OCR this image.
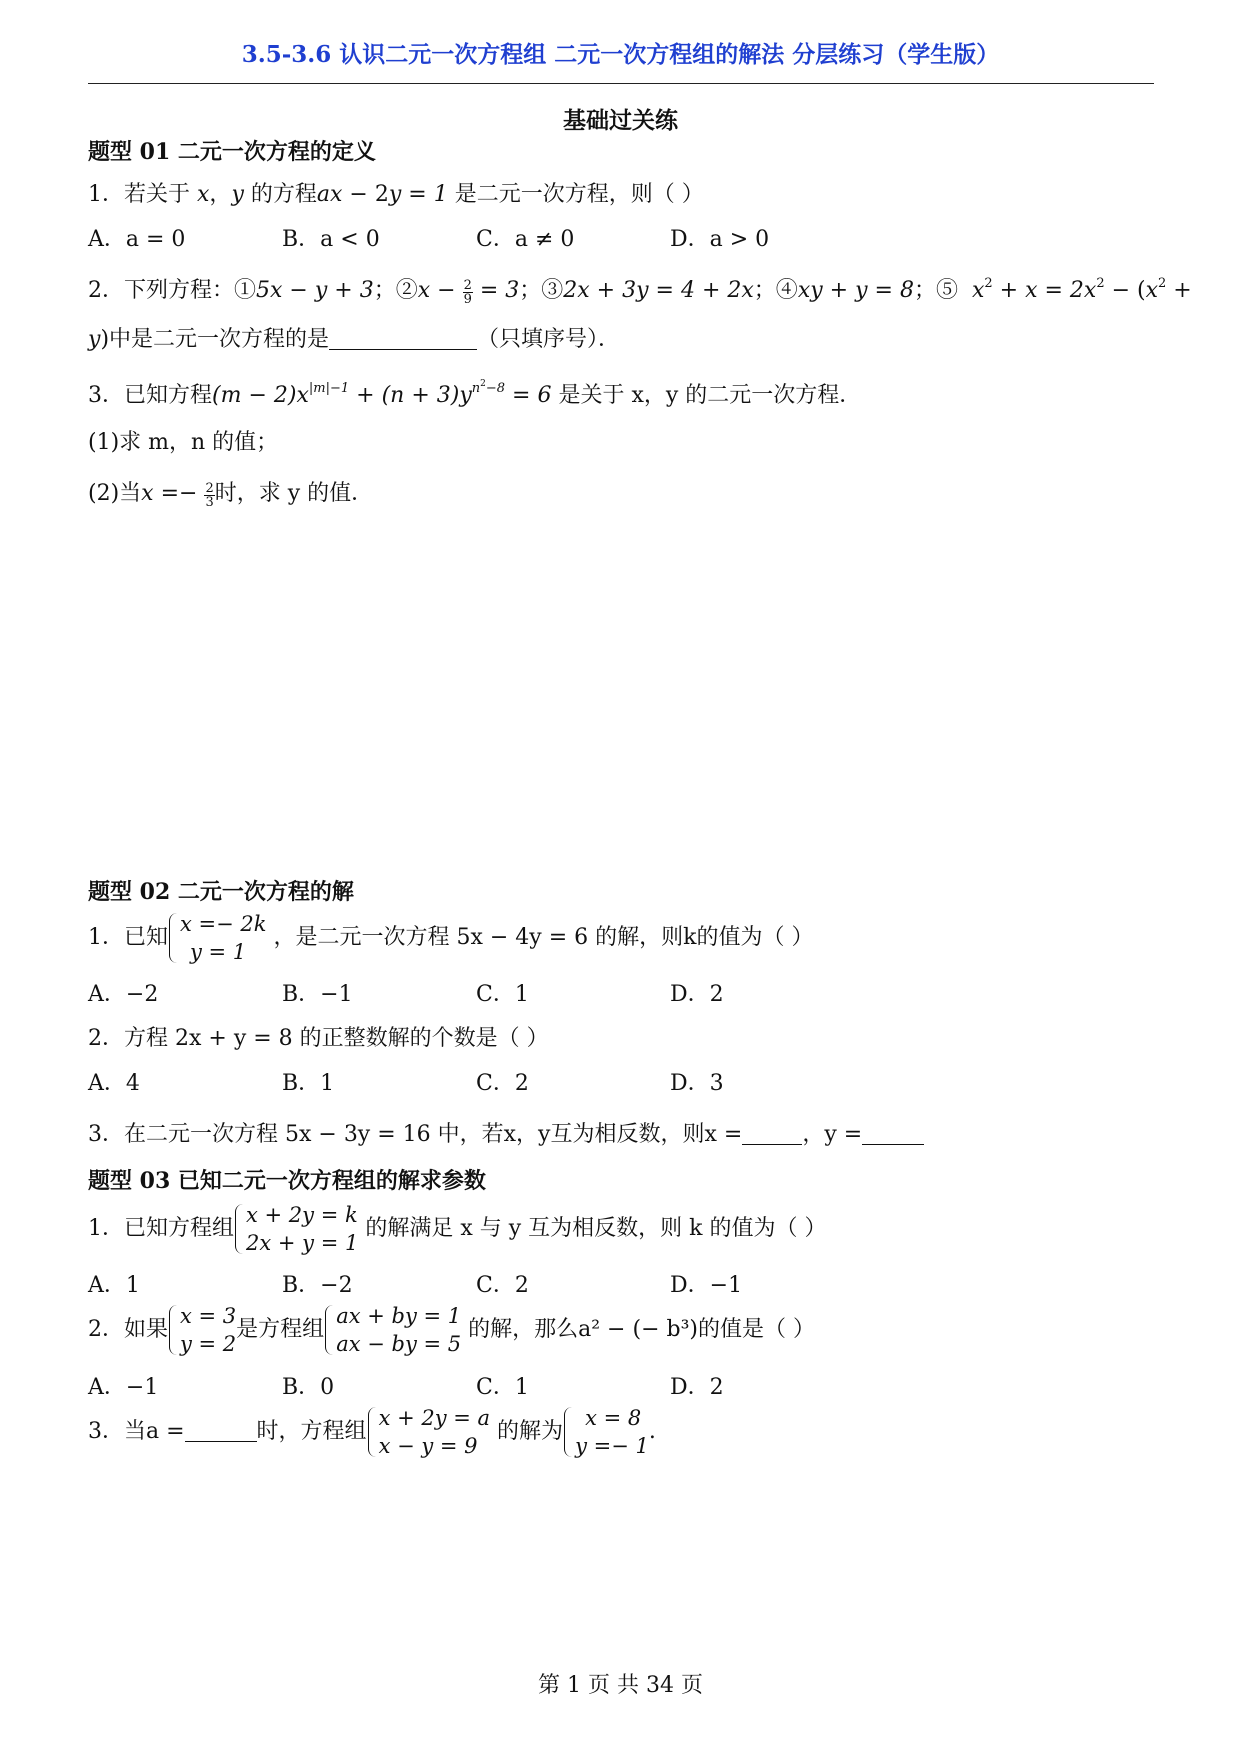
3.5-3.6 认识二元一次方程组 二元一次方程组的解法 分层练习（学生版）
基础过关练
题型 01 二元一次方程的定义
1．若关于 x，y 的方程ax − 2y = 1 是二元一次方程，则（ ）
A．a = 0	B．a < 0	C．a ≠ 0	D．a > 0
2．下列方程：①5x − y + 3；②x − $\frac{2}{9} = 3$；③2x + 3y = 4 + 2x；④xy + y = 8；⑤  $x^2 + x = 2x^2 - (x^2$ +
y)中是二元一次方程的是	（只填序号）．
3．已知方程$(m - 2)x^{|m|-1} + (n + 3)y^{n^2-8} = 6$ 是关于 x，y 的二元一次方程．
(1)求 m，n 的值；
(2)当$x =- \frac{2}{3}$ 时，求 y 的值．
题型 02 二元一次方程的解
1．已知
x =− 2k
y = 1
，是二元一次方程 5x − 4y = 6 的解，则k的值为（ ）
A．−2	B．−1	C．1	D．2
2．方程 2x + y = 8 的正整数解的个数是（ ）
A．4	B．1	C．2	D．3
3．在二元一次方程 5x − 3y = 16 中，若x，y互为相反数，则x =	，y =
题型 03 已知二元一次方程组的解求参数
1．已知方程组
x + 2y = k
2x + y = 1
的解满足 x 与 y 互为相反数，则 k 的值为（ ）
A．1	B．−2	C．2	D．−1
2．如果
x = 3
y = 2
是方程组
ax + by = 1
ax − by = 5
的解，那么a² − (− b³)的值是（ ）
A．−1	B．0	C．1	D．2
3．当a =	时，方程组
x + 2y = a
x − y = 9
的解为
x = 8
y =− 1
.
第 1 页 共 34 页
